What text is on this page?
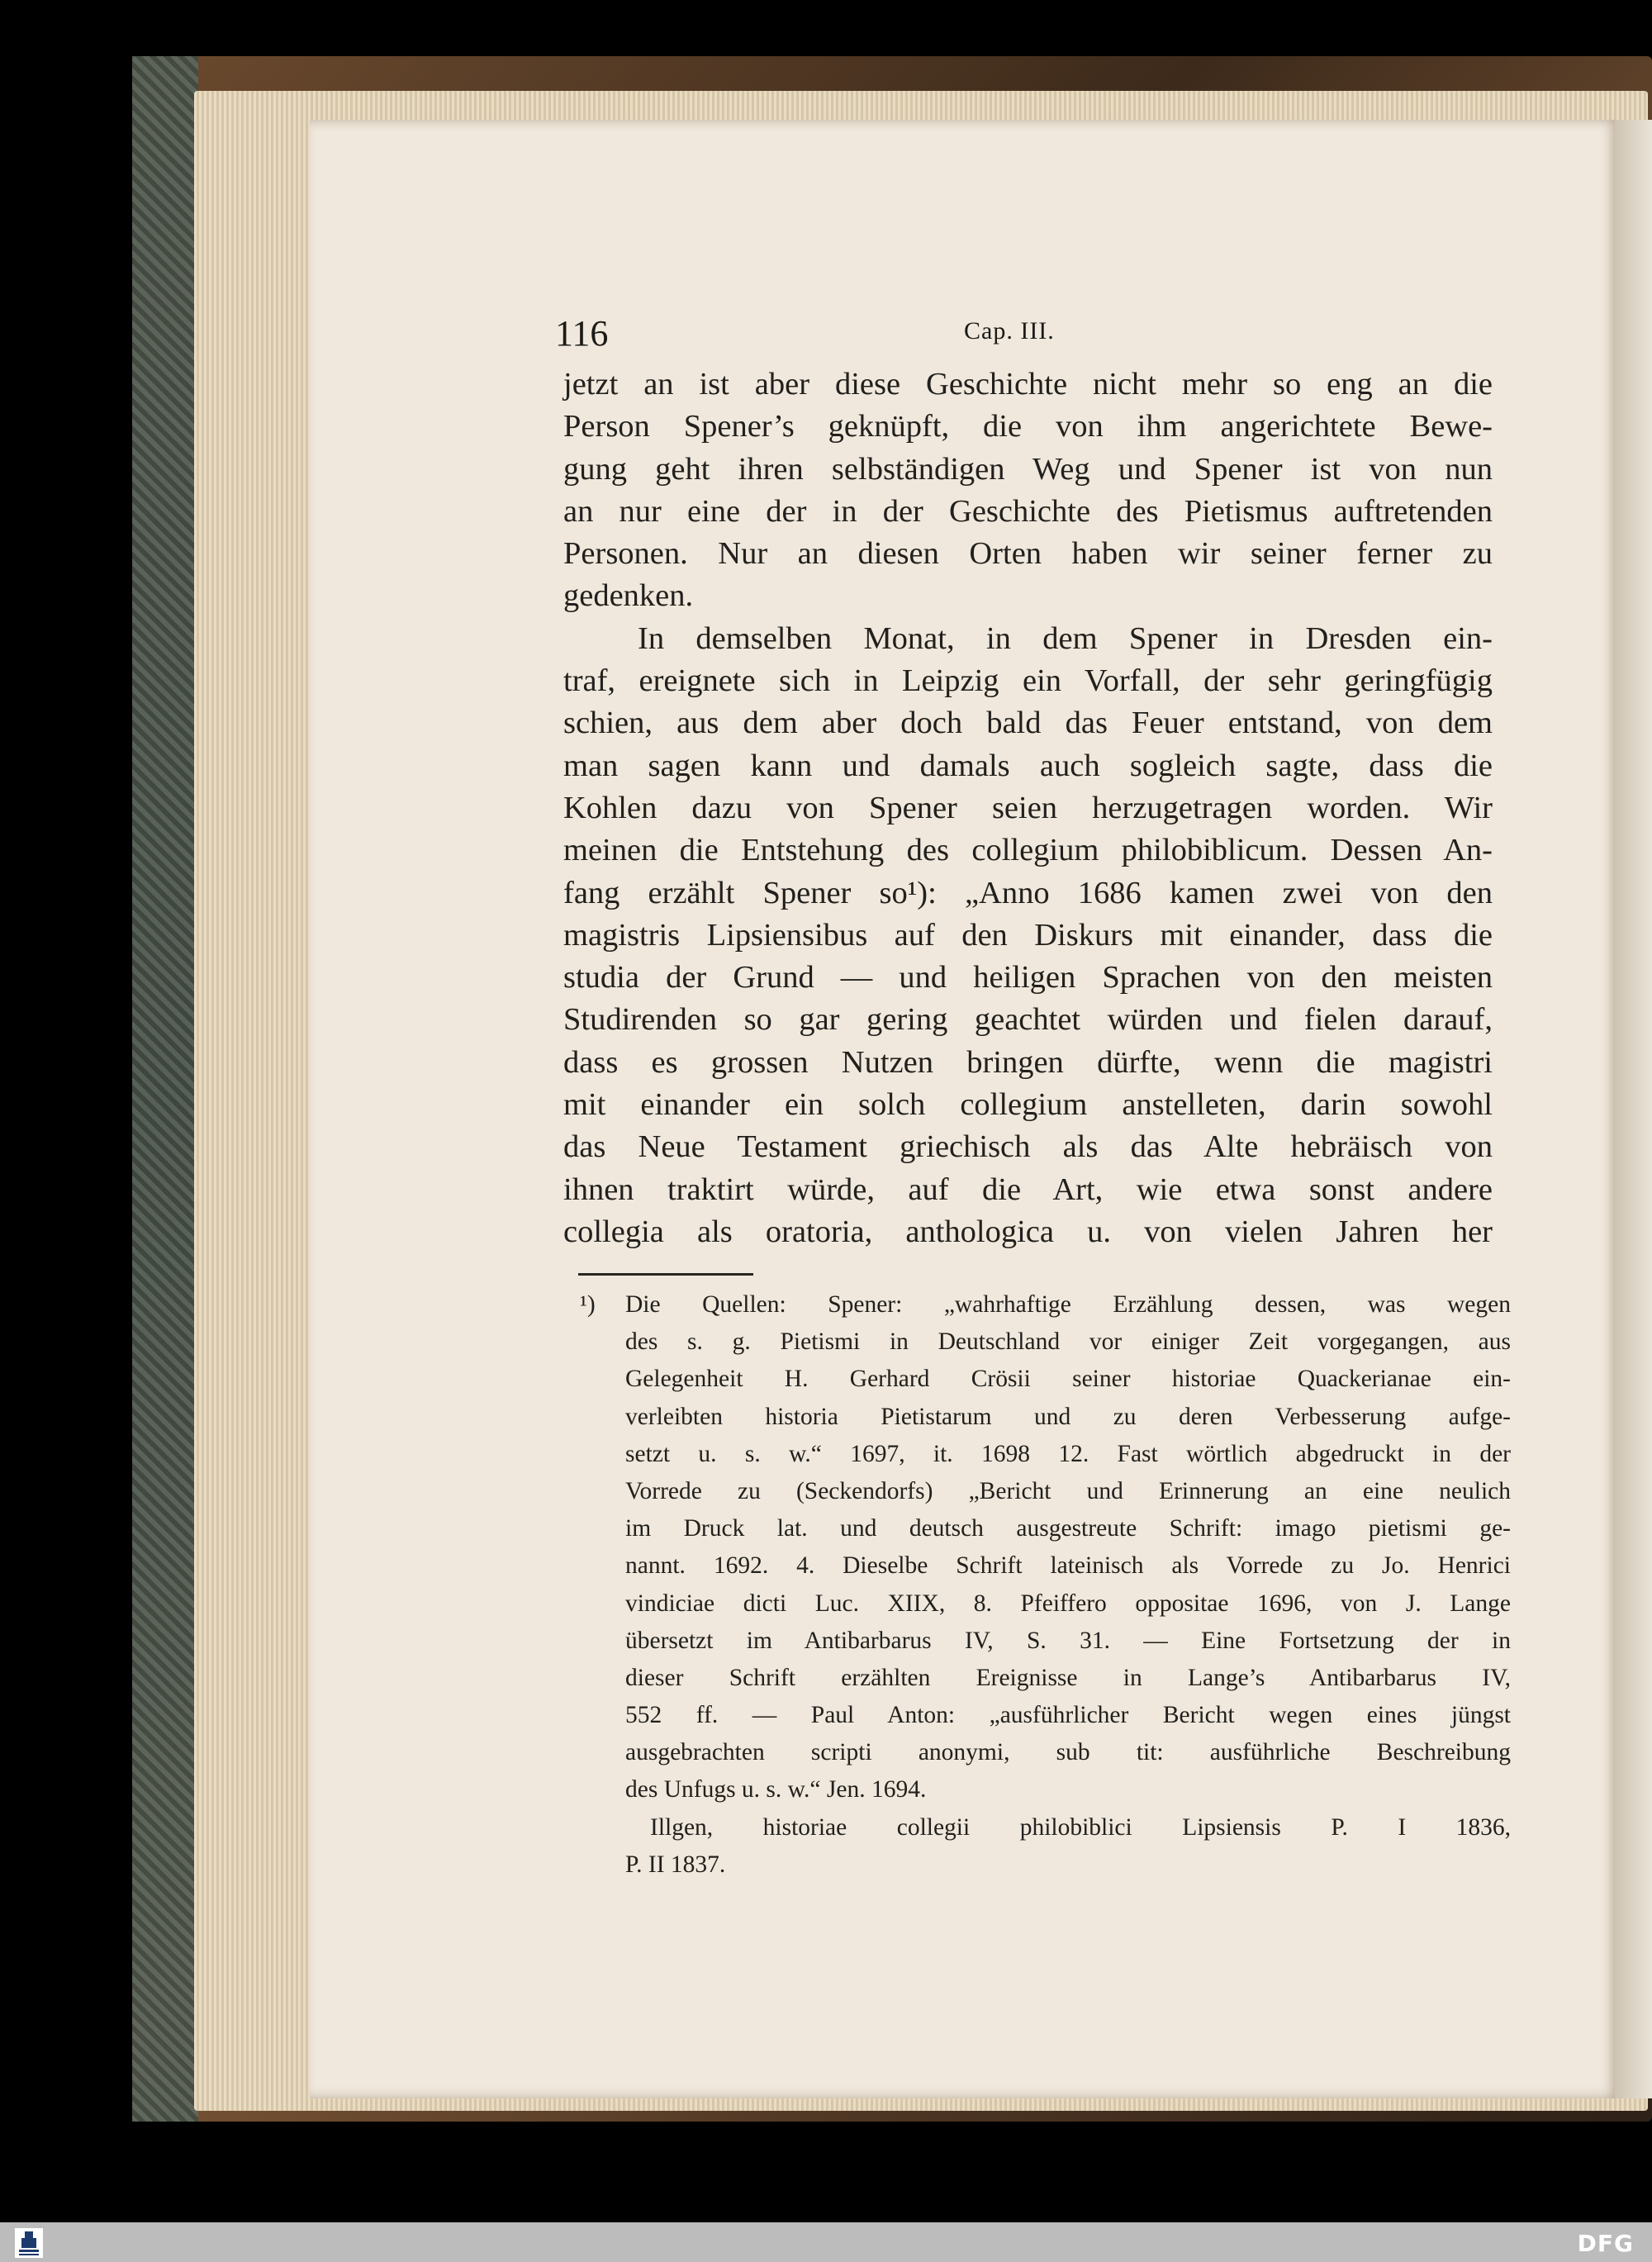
116	Cap. III.
jetzt an ist aber diese Geschichte nicht mehr so eng an die
Person Spener’s geknüpft, die von ihm angerichtete Bewe-
gung geht ihren selbständigen Weg und Spener ist von nun
an nur eine der in der Geschichte des Pietismus auftretenden
Personen. Nur an diesen Orten haben wir seiner ferner zu
gedenken.
In demselben Monat, in dem Spener in Dresden ein-
traf, ereignete sich in Leipzig ein Vorfall, der sehr geringfügig
schien, aus dem aber doch bald das Feuer entstand, von dem
man sagen kann und damals auch sogleich sagte, dass die
Kohlen dazu von Spener seien herzugetragen worden. Wir
meinen die Entstehung des collegium philobiblicum. Dessen An-
fang erzählt Spener so¹): „Anno 1686 kamen zwei von den
magistris Lipsiensibus auf den Diskurs mit einander, dass die
studia der Grund — und heiligen Sprachen von den meisten
Studirenden so gar gering geachtet würden und fielen darauf,
dass es grossen Nutzen bringen dürfte, wenn die magistri
mit einander ein solch collegium anstelleten, darin sowohl
das Neue Testament griechisch als das Alte hebräisch von
ihnen traktirt würde, auf die Art, wie etwa sonst andere
collegia als oratoria, anthologica u. von vielen Jahren her
¹) Die Quellen: Spener: „wahrhaftige Erzählung dessen, was wegen
des s. g. Pietismi in Deutschland vor einiger Zeit vorgegangen, aus
Gelegenheit H. Gerhard Crösii seiner historiae Quackerianae ein-
verleibten historia Pietistarum und zu deren Verbesserung aufge-
setzt u. s. w.“ 1697, it. 1698 12. Fast wörtlich abgedruckt in der
Vorrede zu (Seckendorfs) „Bericht und Erinnerung an eine neulich
im Druck lat. und deutsch ausgestreute Schrift: imago pietismi ge-
nannt. 1692. 4. Dieselbe Schrift lateinisch als Vorrede zu Jo. Henrici
vindiciae dicti Luc. XIIX, 8. Pfeiffero oppositae 1696, von J. Lange
übersetzt im Antibarbarus IV, S. 31. — Eine Fortsetzung der in
dieser Schrift erzählten Ereignisse in Lange’s Antibarbarus IV,
552 ff. — Paul Anton: „ausführlicher Bericht wegen eines jüngst
ausgebrachten scripti anonymi, sub tit: ausführliche Beschreibung
des Unfugs u. s. w.“ Jen. 1694.
Illgen, historiae collegii philobiblici Lipsiensis P. I 1836,
P. II 1837.
DFG
